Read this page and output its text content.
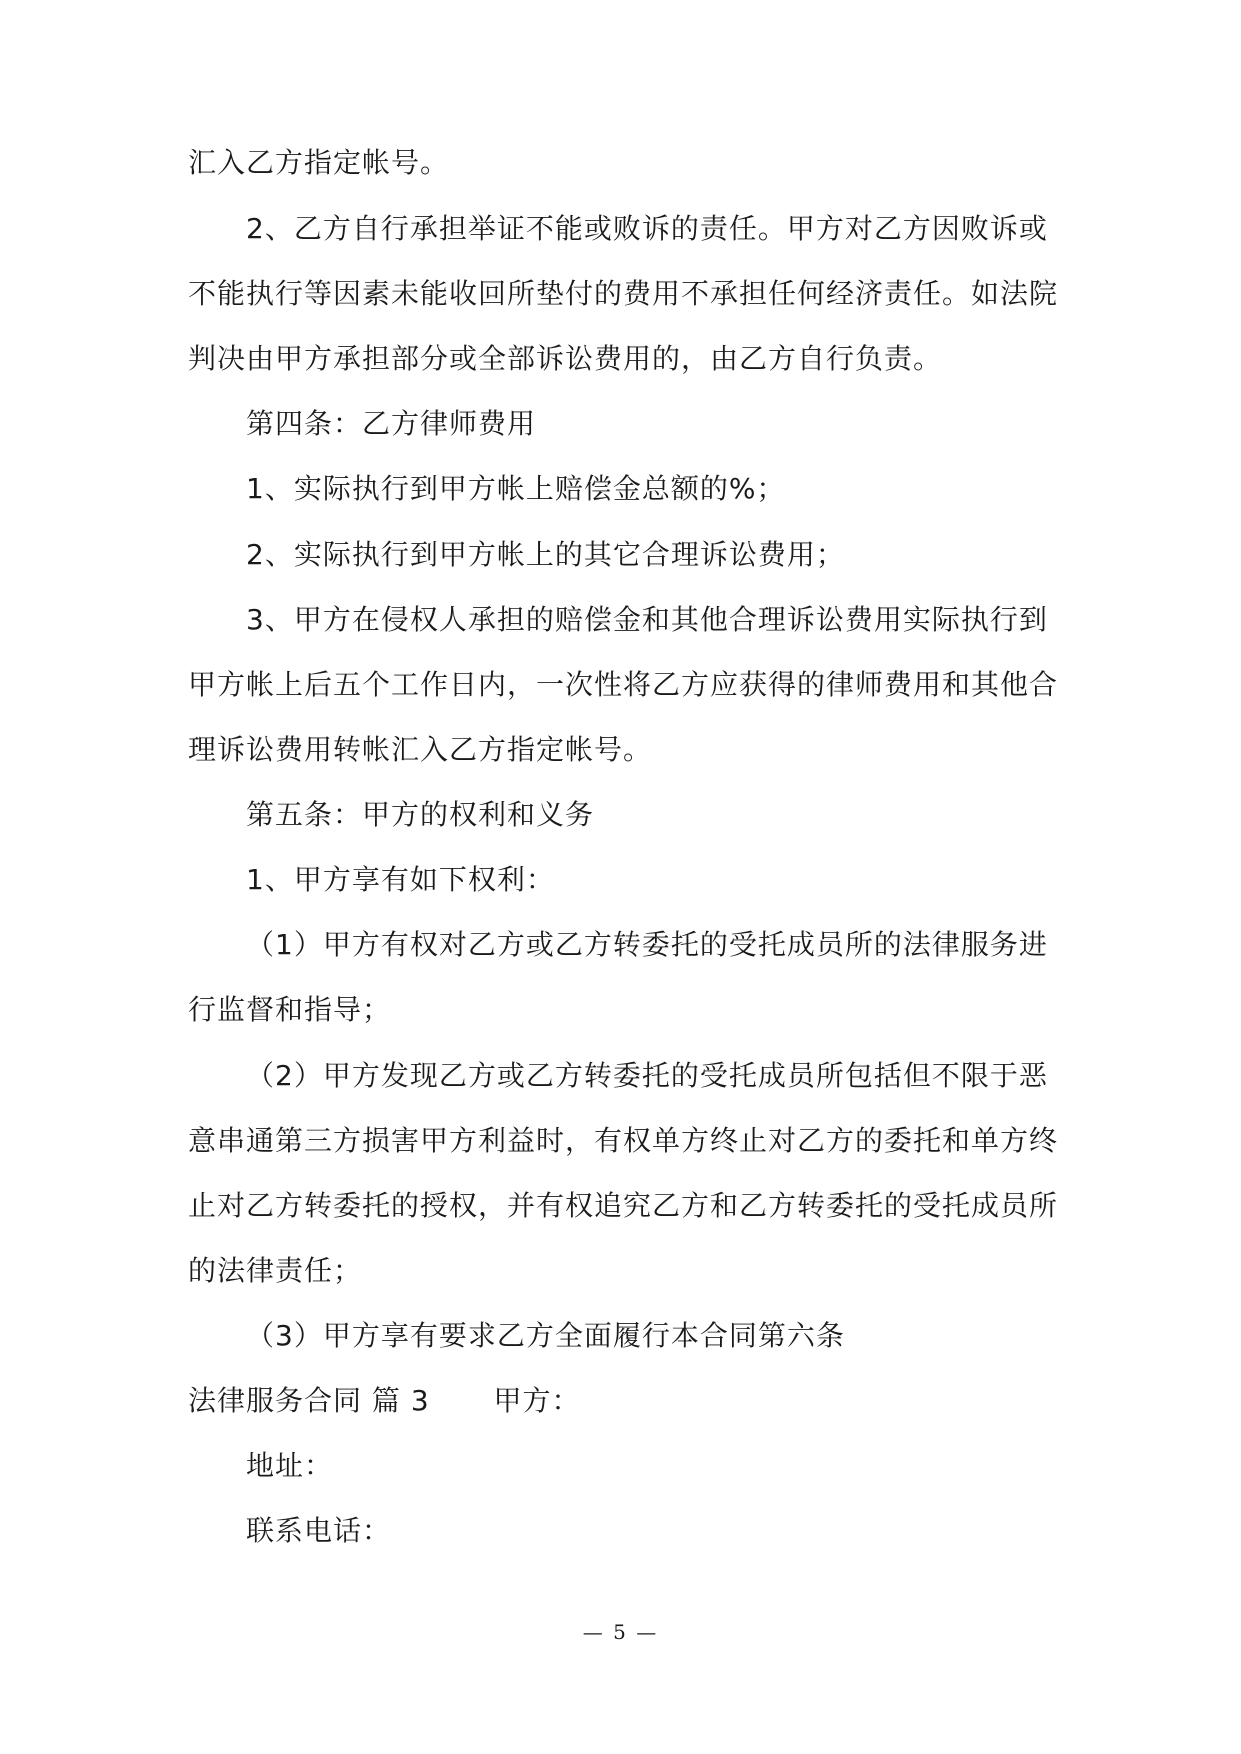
汇入乙方指定帐号。
2、乙方自行承担举证不能或败诉的责任。甲方对乙方因败诉或
不能执行等因素未能收回所垫付的费用不承担任何经济责任。如法院
判决由甲方承担部分或全部诉讼费用的，由乙方自行负责。
第四条：乙方律师费用
1、实际执行到甲方帐上赔偿金总额的%；
2、实际执行到甲方帐上的其它合理诉讼费用；
3、甲方在侵权人承担的赔偿金和其他合理诉讼费用实际执行到
甲方帐上后五个工作日内，一次性将乙方应获得的律师费用和其他合
理诉讼费用转帐汇入乙方指定帐号。
第五条：甲方的权利和义务
1、甲方享有如下权利：
（1）甲方有权对乙方或乙方转委托的受托成员所的法律服务进
行监督和指导；
（2）甲方发现乙方或乙方转委托的受托成员所包括但不限于恶
意串通第三方损害甲方利益时，有权单方终止对乙方的委托和单方终
止对乙方转委托的授权，并有权追究乙方和乙方转委托的受托成员所
的法律责任；
（3）甲方享有要求乙方全面履行本合同第六条
法律服务合同 篇 3 甲方：
地址：
联系电话：
— 5 —
